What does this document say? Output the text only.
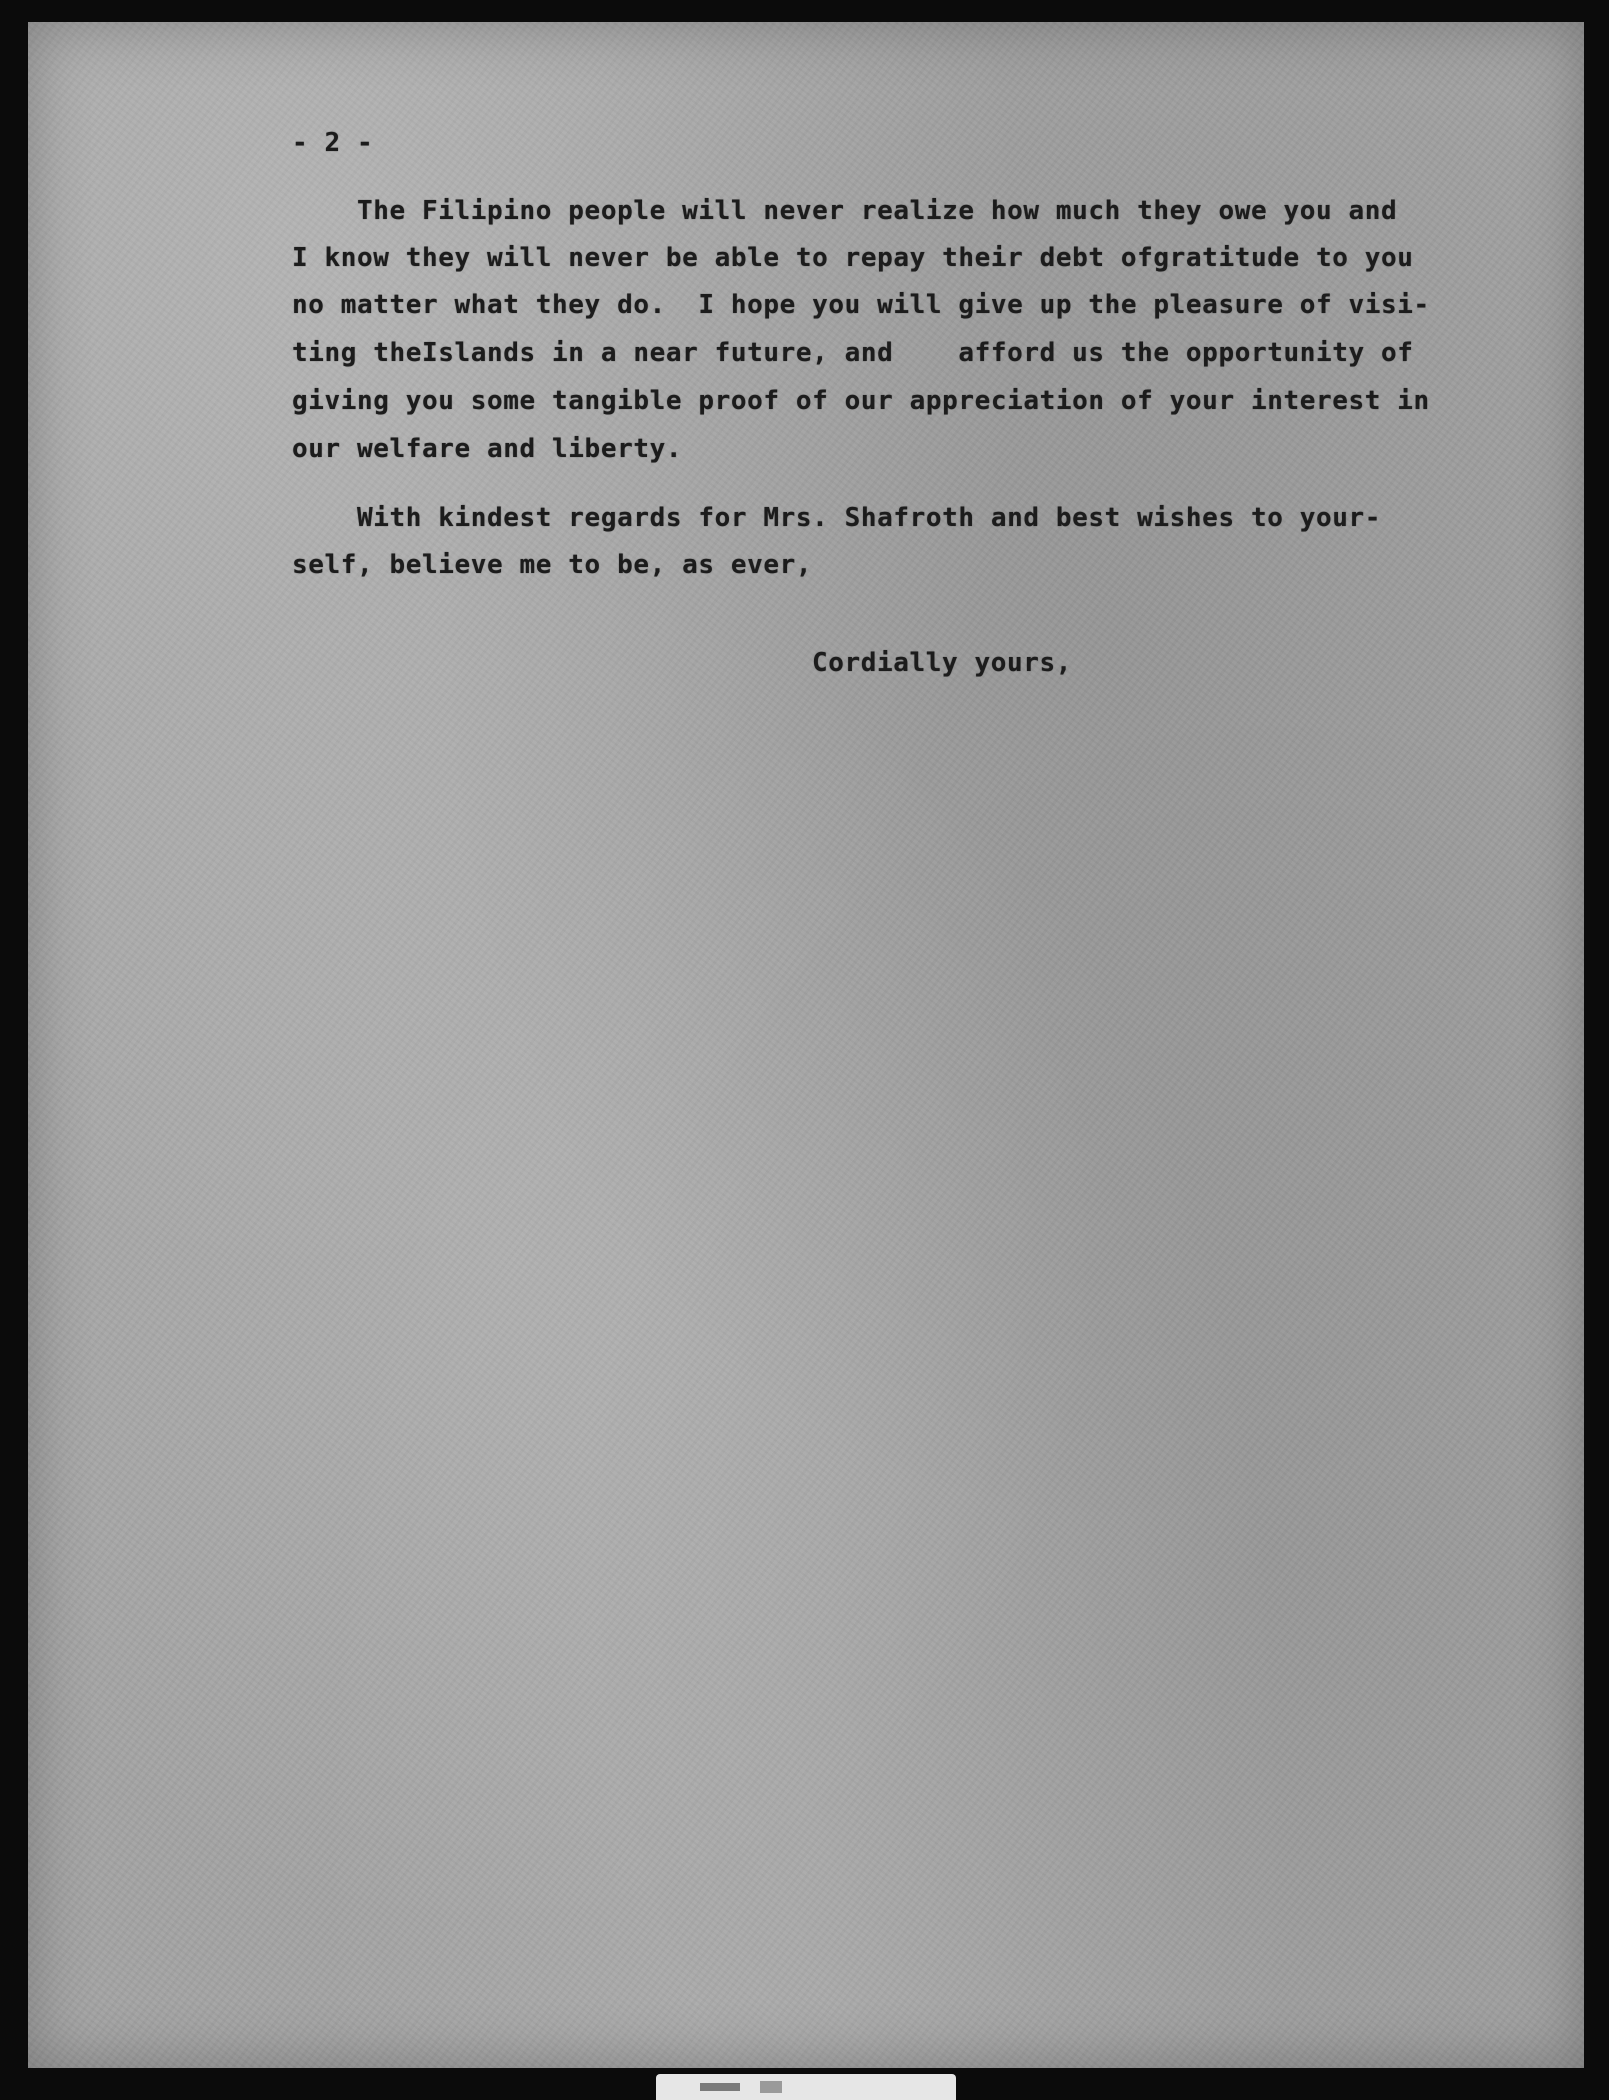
- 2 -
The Filipino people will never realize how much they owe you and
I know they will never be able to repay their debt ofgratitude to you
no matter what they do.  I hope you will give up the pleasure of visi-
ting theIslands in a near future, and    afford us the opportunity of
giving you some tangible proof of our appreciation of your interest in
our welfare and liberty.
With kindest regards for Mrs. Shafroth and best wishes to your-
self, believe me to be, as ever,
Cordially yours,
